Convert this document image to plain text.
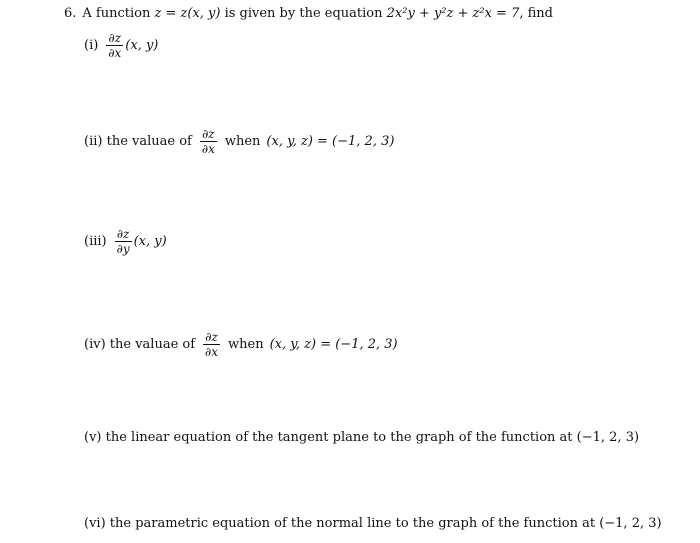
6. A function z = z(x, y) is given by the equation 2x²y + y²z + z²x = 7 , find
$(i) \frac{\partial z}{\partial x} (x$, y)
(ii) the valuae of $\frac{\partial z}{\partial x}$ when (x, y, z) = (−1, 2, 3)
$(iii) \frac{\partial z}{\partial y} (x$, y)
(iv) the valuae of $\frac{\partial z}{\partial x}$ when (x, y, z) = (−1, 2, 3)
(v) the linear equation of the tangent plane to the graph of the function at (−1, 2, 3)
(vi) the parametric equation of the normal line to the graph of the function at (−1, 2, 3)
